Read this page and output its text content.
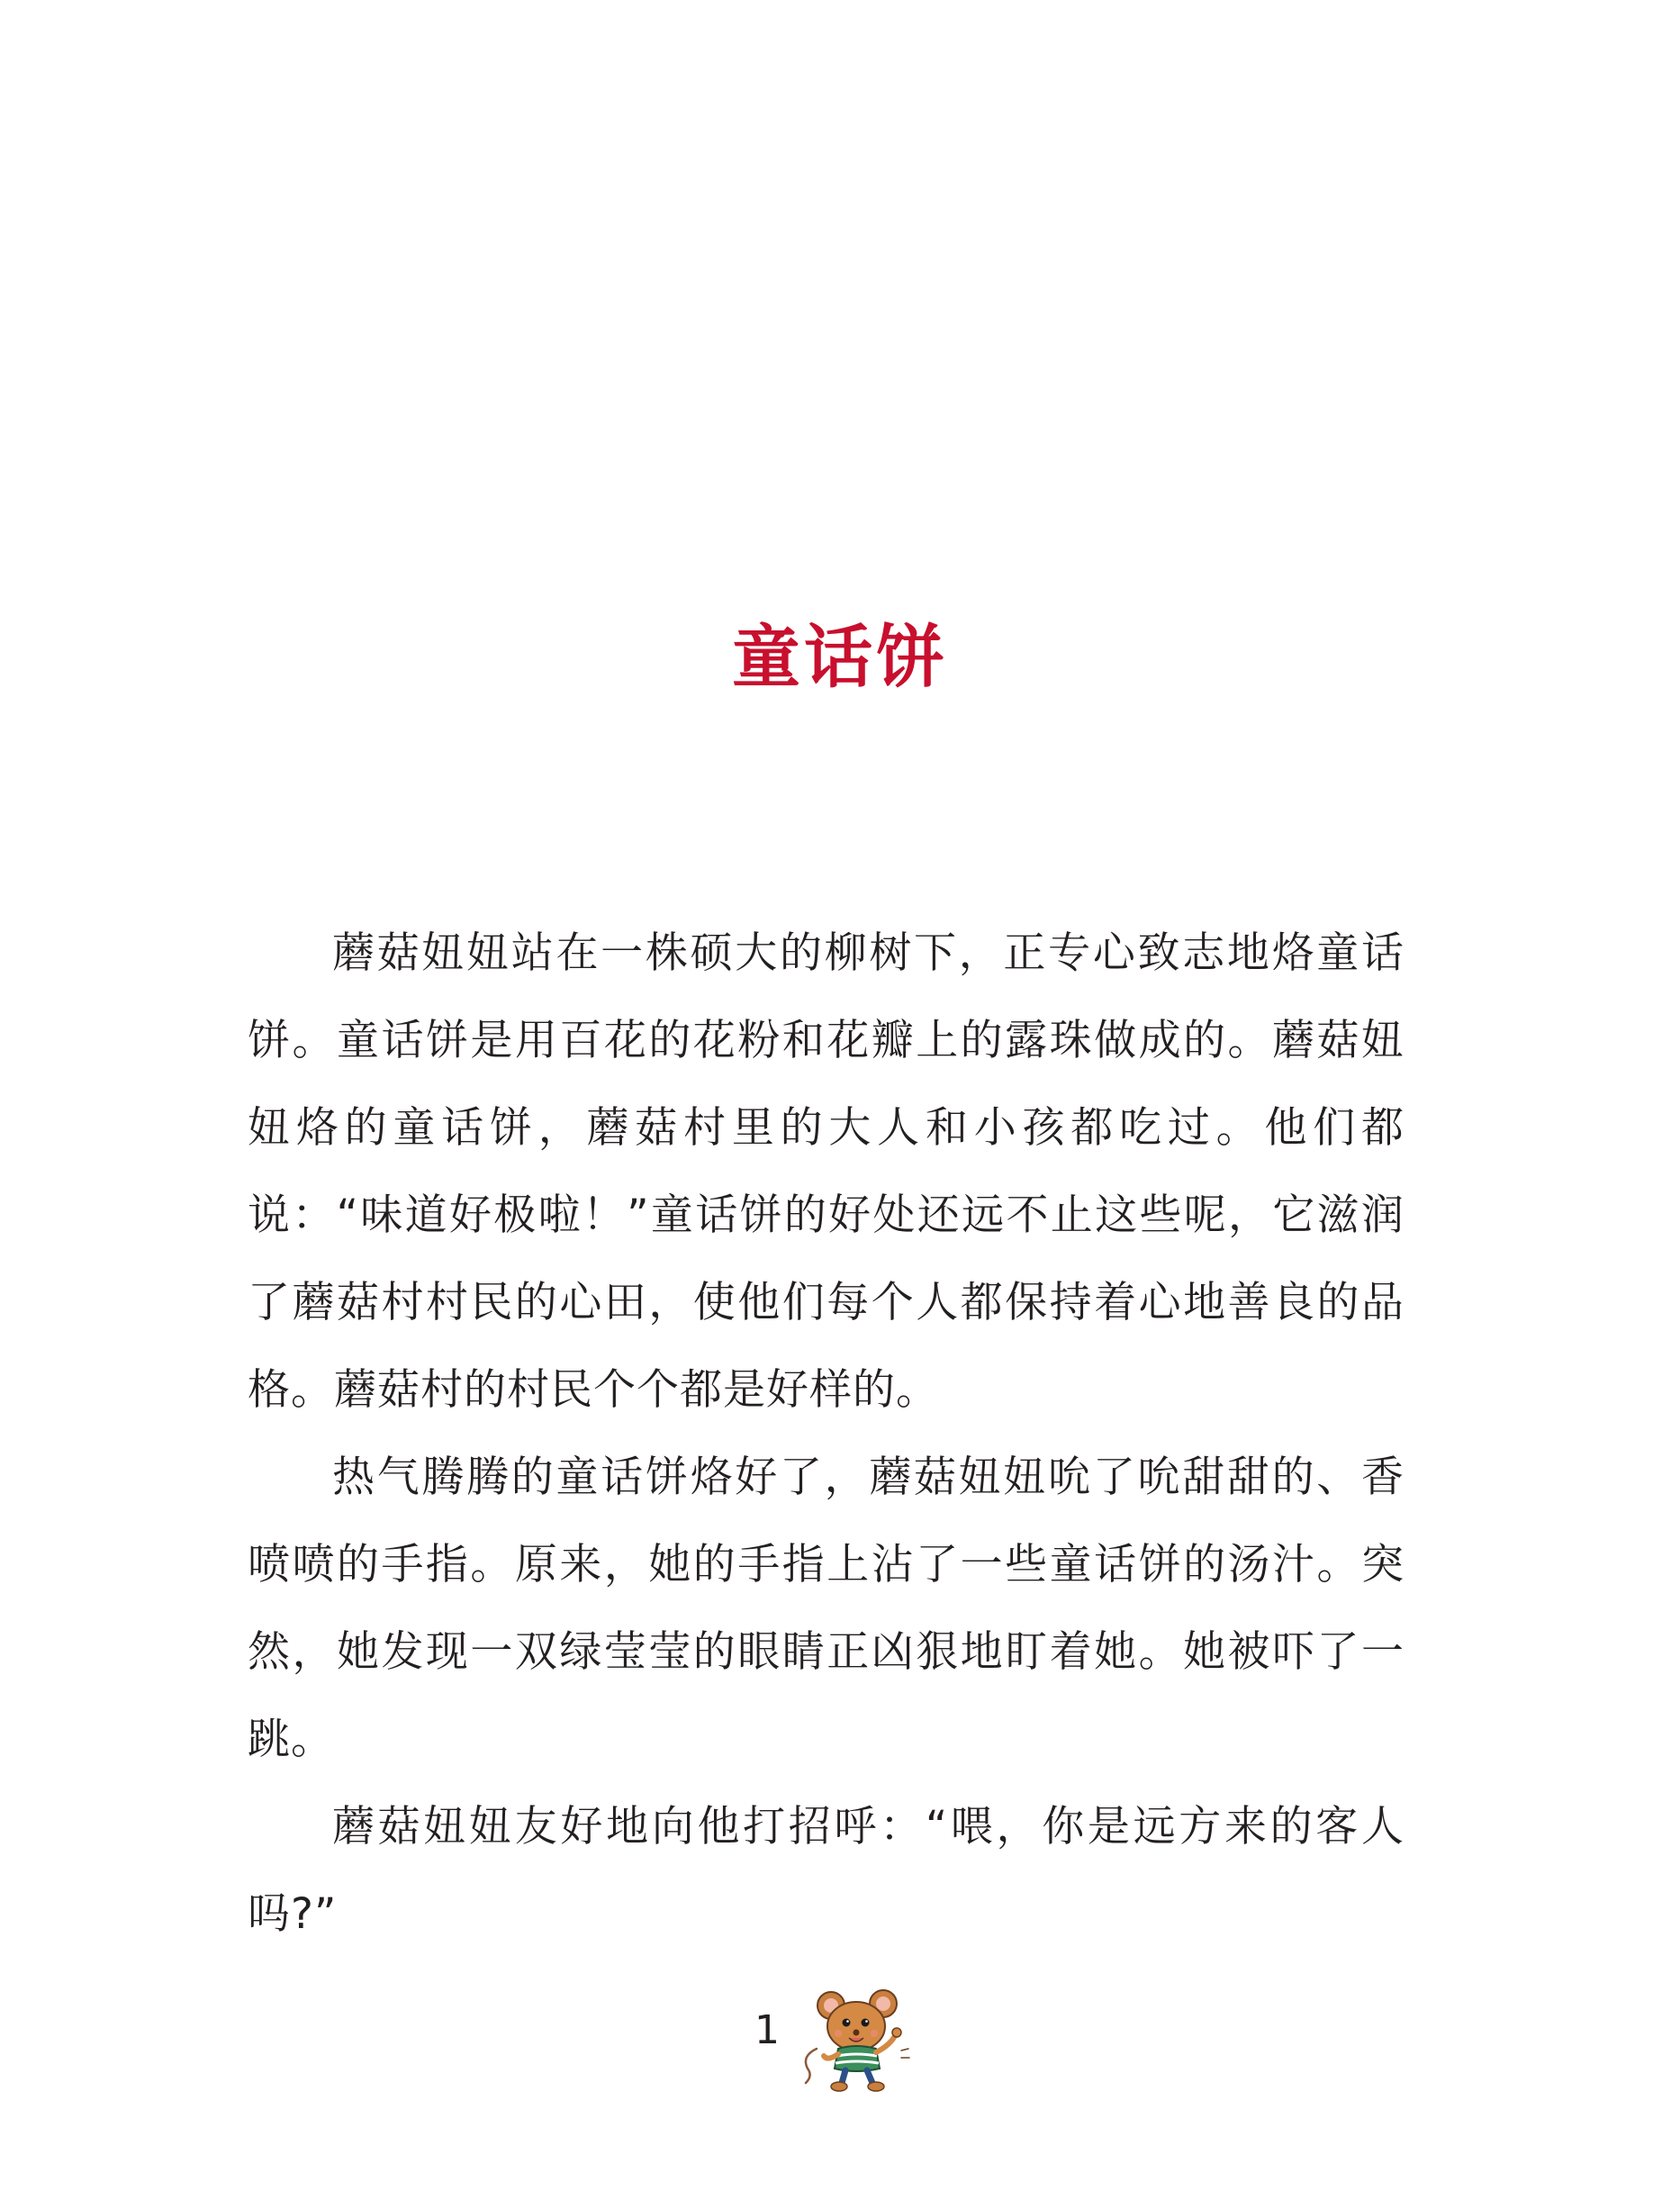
童话饼

蘑菇妞妞站在一株硕大的柳树下，正专心致志地烙童话饼。童话饼是用百花的花粉和花瓣上的露珠做成的。蘑菇妞妞烙的童话饼，蘑菇村里的大人和小孩都吃过。他们都说：“味道好极啦！”童话饼的好处还远不止这些呢，它滋润了蘑菇村村民的心田，使他们每个人都保持着心地善良的品格。蘑菇村的村民个个都是好样的。

热气腾腾的童话饼烙好了，蘑菇妞妞吮了吮甜甜的、香喷喷的手指。原来，她的手指上沾了一些童话饼的汤汁。突然，她发现一双绿莹莹的眼睛正凶狠地盯着她。她被吓了一跳。

蘑菇妞妞友好地向他打招呼：“喂，你是远方来的客人吗?”

1
